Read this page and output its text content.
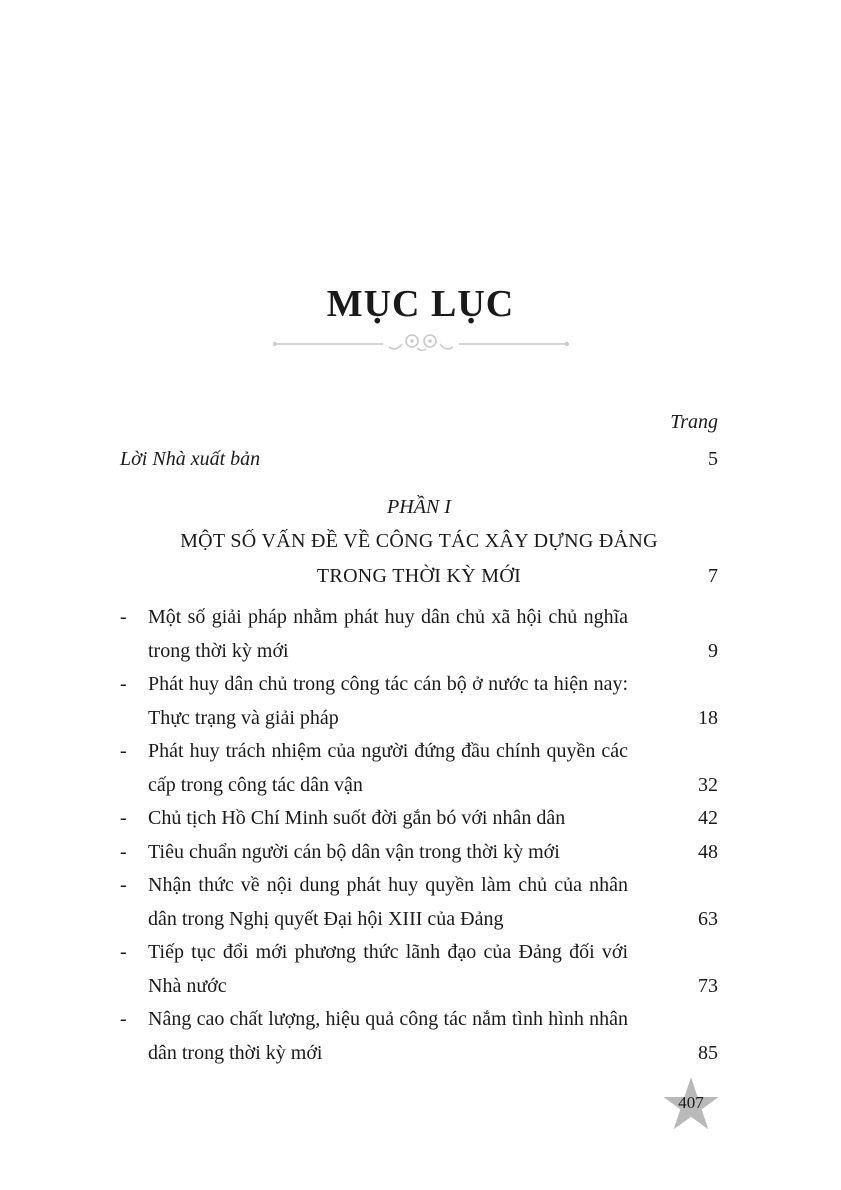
MỤC LỤC
Trang
Lời Nhà xuất bản	5
PHẦN I
MỘT SỐ VẤN ĐỀ VỀ CÔNG TÁC XÂY DỰNG ĐẢNG
TRONG THỜI KỲ MỚI	7
-	Một số giải pháp nhằm phát huy dân chủ xã hội chủ nghĩa trong thời kỳ mới	9
-	Phát huy dân chủ trong công tác cán bộ ở nước ta hiện nay: Thực trạng và giải pháp	18
-	Phát huy trách nhiệm của người đứng đầu chính quyền các cấp trong công tác dân vận	32
-	Chủ tịch Hồ Chí Minh suốt đời gắn bó với nhân dân	42
-	Tiêu chuẩn người cán bộ dân vận trong thời kỳ mới	48
-	Nhận thức về nội dung phát huy quyền làm chủ của nhân dân trong Nghị quyết Đại hội XIII của Đảng	63
-	Tiếp tục đổi mới phương thức lãnh đạo của Đảng đối với Nhà nước	73
-	Nâng cao chất lượng, hiệu quả công tác nắm tình hình nhân dân trong thời kỳ mới	85
407
